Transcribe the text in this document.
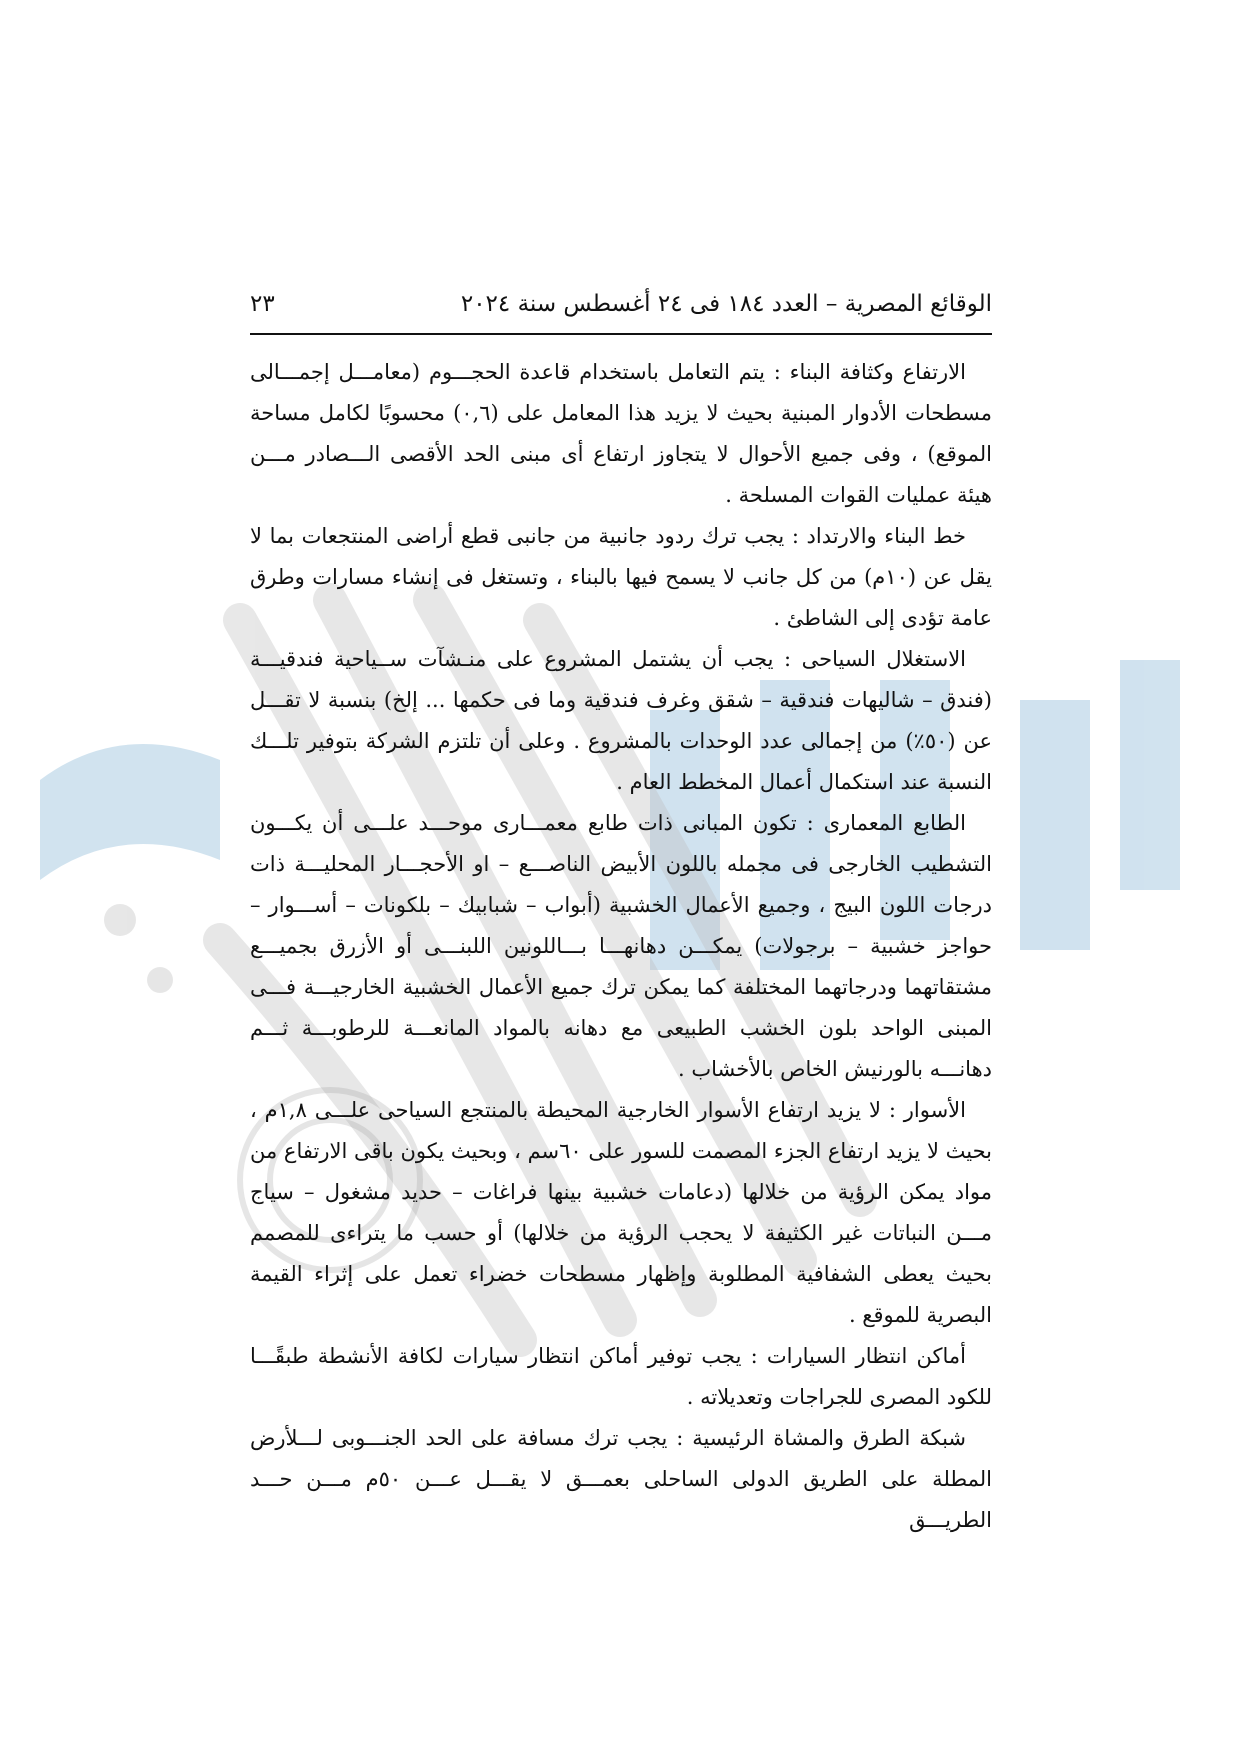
الوقائع المصرية – العدد ١٨٤ فى ٢٤ أغسطس سنة ٢٠٢٤
٢٣

الارتفاع وكثافة البناء : يتم التعامل باستخدام قاعدة الحجـــوم (معامـــل إجمـــالى مسطحات الأدوار المبنية بحيث لا يزيد هذا المعامل على (٠,٦) محسوبًا لكامل مساحة الموقع) ، وفى جميع الأحوال لا يتجاوز ارتفاع أى مبنى الحد الأقصى الـــصادر مـــن هيئة عمليات القوات المسلحة .

خط البناء والارتداد : يجب ترك ردود جانبية من جانبى قطع أراضى المنتجعات بما لا يقل عن (١٠م) من كل جانب لا يسمح فيها بالبناء ، وتستغل فى إنشاء مسارات وطرق عامة تؤدى إلى الشاطئ .

الاستغلال السياحى : يجب أن يشتمل المشروع على منـشآت ســياحية فندقيـــة (فندق – شاليهات فندقية – شقق وغرف فندقية وما فى حكمها ... إلخ) بنسبة لا تقـــل عن (٥٠٪) من إجمالى عدد الوحدات بالمشروع . وعلى أن تلتزم الشركة بتوفير تلـــك النسبة عند استكمال أعمال المخطط العام .

الطابع المعمارى : تكون المبانى ذات طابع معمـــارى موحـــد علـــى أن يكـــون التشطيب الخارجى فى مجمله باللون الأبيض الناصـــع – او الأحجـــار المحليـــة ذات درجات اللون البيج ، وجميع الأعمال الخشبية (أبواب – شبابيك – بلكونات – أســـوار – حواجز خشبية – برجولات) يمكـــن دهانهـــا بـــاللونين اللبنـــى أو الأزرق بجميـــع مشتقاتهما ودرجاتهما المختلفة كما يمكن ترك جميع الأعمال الخشبية الخارجيـــة فـــى المبنى الواحد بلون الخشب الطبيعى مع دهانه بالمواد المانعـــة للرطوبـــة ثـــم دهانـــه بالورنيش الخاص بالأخشاب .

الأسوار : لا يزيد ارتفاع الأسوار الخارجية المحيطة بالمنتجع السياحى علـــى ١,٨م ، بحيث لا يزيد ارتفاع الجزء المصمت للسور على ٦٠سم ، وبحيث يكون باقى الارتفاع من مواد يمكن الرؤية من خلالها (دعامات خشبية بينها فراغات – حديد مشغول – سياج مـــن النباتات غير الكثيفة لا يحجب الرؤية من خلالها) أو حسب ما يتراءى للمصمم بحيث يعطى الشفافية المطلوبة وإظهار مسطحات خضراء تعمل على إثراء القيمة البصرية للموقع .

أماكن انتظار السيارات : يجب توفير أماكن انتظار سيارات لكافة الأنشطة طبقًـــا للكود المصرى للجراجات وتعديلاته .

شبكة الطرق والمشاة الرئيسية : يجب ترك مسافة على الحد الجنـــوبى لـــلأرض المطلة على الطريق الدولى الساحلى بعمـــق لا يقـــل عـــن ٥٠م مـــن حـــد الطريـــق
